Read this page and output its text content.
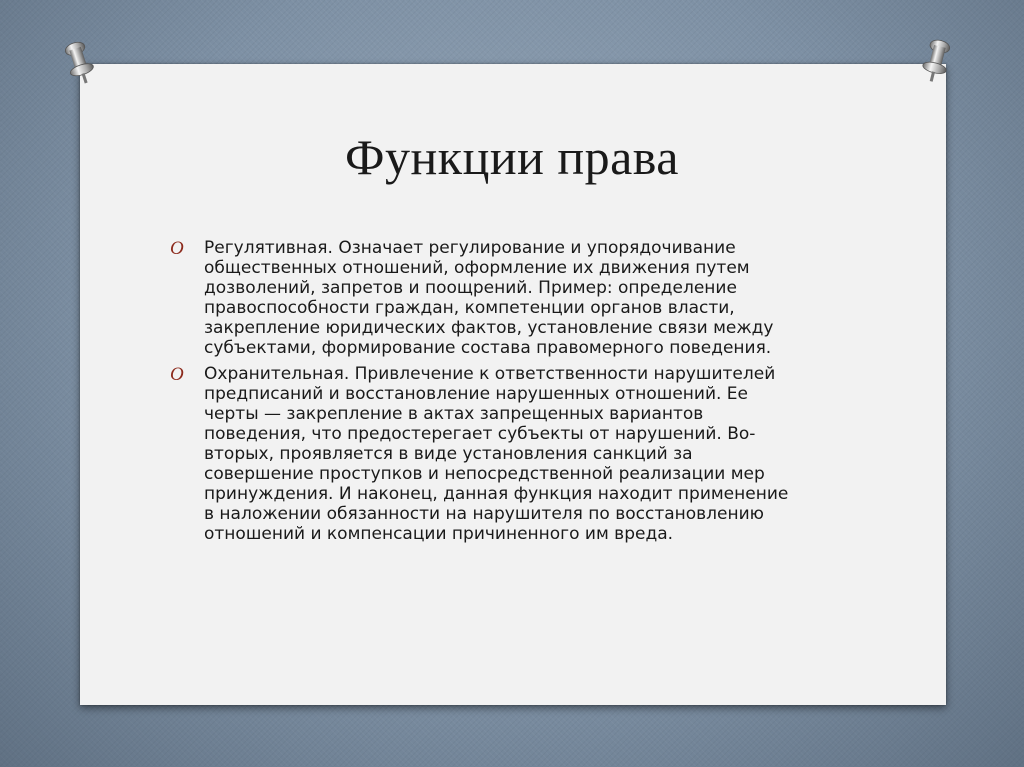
Функции права
O Регулятивная. Означает регулирование и упорядочивание
общественных отношений, оформление их движения путем
дозволений, запретов и поощрений. Пример: определение
правоспособности граждан, компетенции органов власти,
закрепление юридических фактов, установление связи между
субъектами, формирование состава правомерного поведения.
O Охранительная. Привлечение к ответственности нарушителей
предписаний и восстановление нарушенных отношений. Ее
черты — закрепление в актах запрещенных вариантов
поведения, что предостерегает субъекты от нарушений. Во-
вторых, проявляется в виде установления санкций за
совершение проступков и непосредственной реализации мер
принуждения. И наконец, данная функция находит применение
в наложении обязанности на нарушителя по восстановлению
отношений и компенсации причиненного им вреда.
